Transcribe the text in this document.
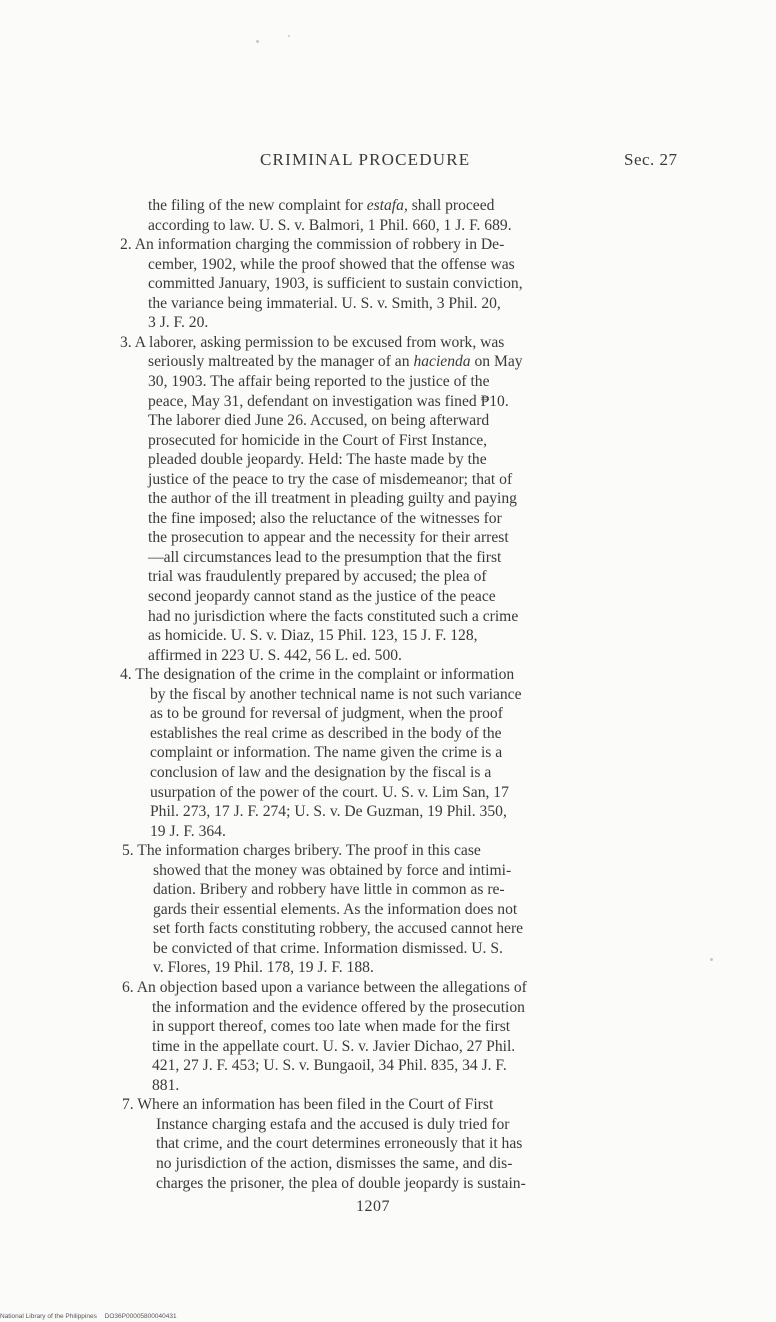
CRIMINAL PROCEDURE	Sec. 27
the filing of the new complaint for estafa, shall proceed
according to law. U. S. v. Balmori, 1 Phil. 660, 1 J. F. 689.
2. An information charging the commission of robbery in De-
cember, 1902, while the proof showed that the offense was
committed January, 1903, is sufficient to sustain conviction,
the variance being immaterial. U. S. v. Smith, 3 Phil. 20,
3 J. F. 20.
3. A laborer, asking permission to be excused from work, was
seriously maltreated by the manager of an hacienda on May
30, 1903. The affair being reported to the justice of the
peace, May 31, defendant on investigation was fined ₱10.
The laborer died June 26. Accused, on being afterward
prosecuted for homicide in the Court of First Instance,
pleaded double jeopardy. Held: The haste made by the
justice of the peace to try the case of misdemeanor; that of
the author of the ill treatment in pleading guilty and paying
the fine imposed; also the reluctance of the witnesses for
the prosecution to appear and the necessity for their arrest
—all circumstances lead to the presumption that the first
trial was fraudulently prepared by accused; the plea of
second jeopardy cannot stand as the justice of the peace
had no jurisdiction where the facts constituted such a crime
as homicide. U. S. v. Diaz, 15 Phil. 123, 15 J. F. 128,
affirmed in 223 U. S. 442, 56 L. ed. 500.
4. The designation of the crime in the complaint or information
by the fiscal by another technical name is not such variance
as to be ground for reversal of judgment, when the proof
establishes the real crime as described in the body of the
complaint or information. The name given the crime is a
conclusion of law and the designation by the fiscal is a
usurpation of the power of the court. U. S. v. Lim San, 17
Phil. 273, 17 J. F. 274; U. S. v. De Guzman, 19 Phil. 350,
19 J. F. 364.
5. The information charges bribery. The proof in this case
showed that the money was obtained by force and intimi-
dation. Bribery and robbery have little in common as re-
gards their essential elements. As the information does not
set forth facts constituting robbery, the accused cannot here
be convicted of that crime. Information dismissed. U. S.
v. Flores, 19 Phil. 178, 19 J. F. 188.
6. An objection based upon a variance between the allegations of
the information and the evidence offered by the prosecution
in support thereof, comes too late when made for the first
time in the appellate court. U. S. v. Javier Dichao, 27 Phil.
421, 27 J. F. 453; U. S. v. Bungaoil, 34 Phil. 835, 34 J. F.
881.
7. Where an information has been filed in the Court of First
Instance charging estafa and the accused is duly tried for
that crime, and the court determines erroneously that it has
no jurisdiction of the action, dismisses the same, and dis-
charges the prisoner, the plea of double jeopardy is sustain-
1207
National Library of the Philippines DO36P00005800040431
